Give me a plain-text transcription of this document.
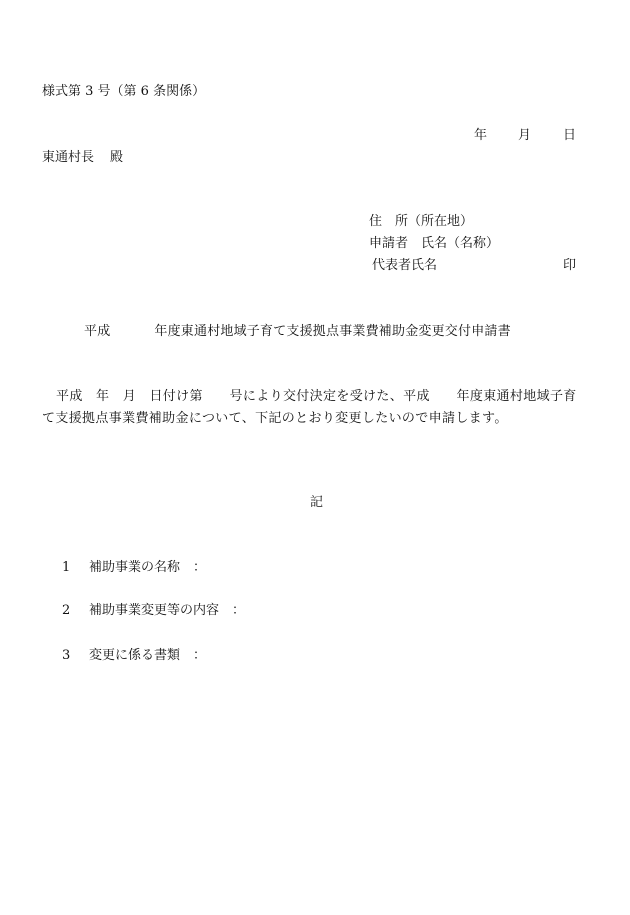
様式第 3 号（第 6 条関係）
年 月 日
東通村長 殿
住　所（所在地）
申請者　氏名（名称）
代表者氏名	印
平成	年度東通村地域子育て支援拠点事業費補助金変更交付申請書
平成　年　月　日付け第　　号により交付決定を受けた、平成　　年度東通村地域子育て支援拠点事業費補助金について、下記のとおり変更したいので申請します。
記
1 補助事業の名称　：
2 補助事業変更等の内容　：
3 変更に係る書類　：
